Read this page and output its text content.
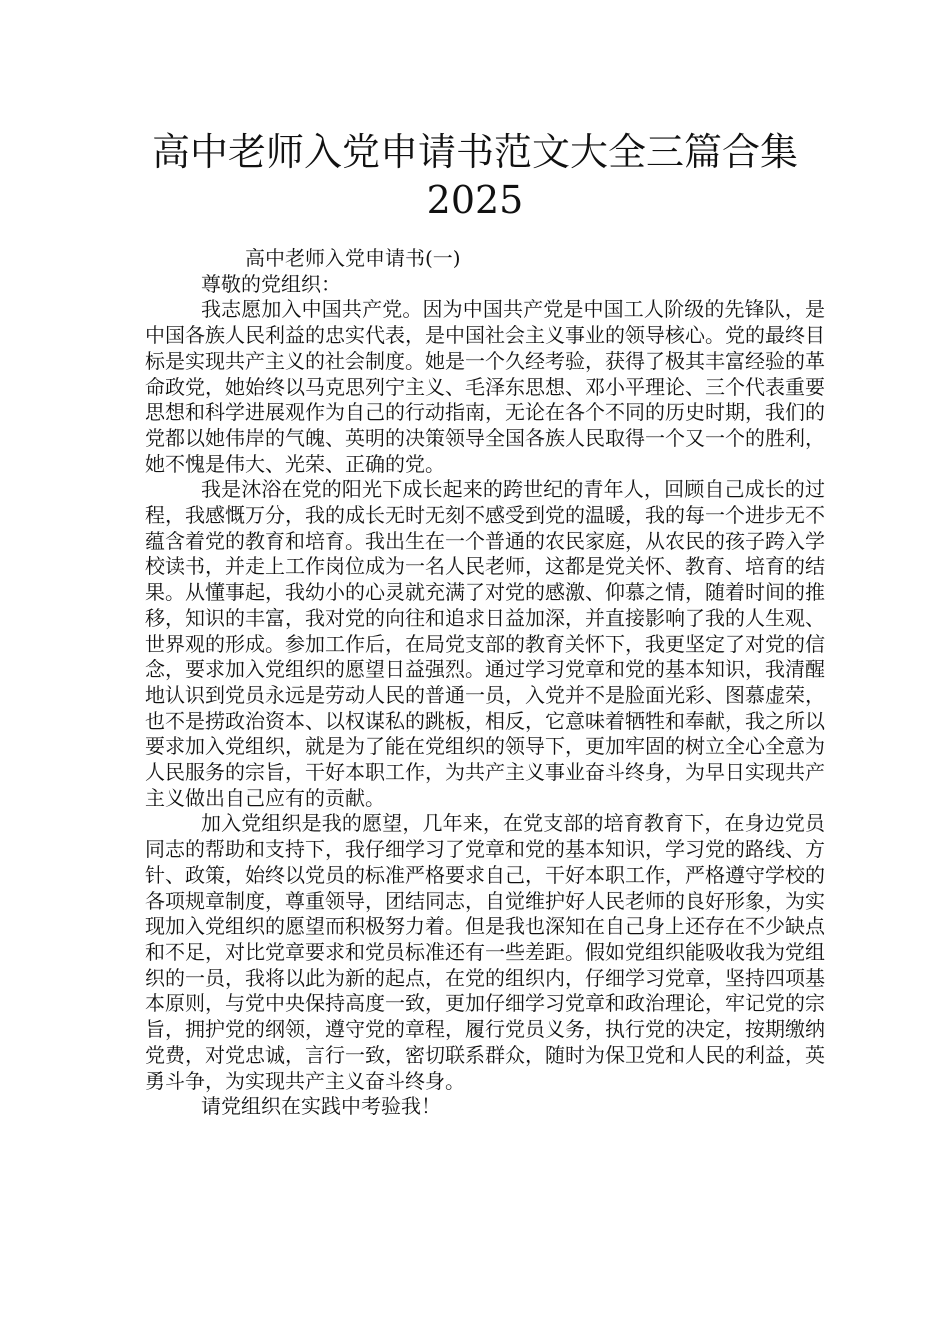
高中老师入党申请书范文大全三篇合集
2025

高中老师入党申请书(一)

尊敬的党组织：

我志愿加入中国共产党。因为中国共产党是中国工人阶级的先锋队，是中国各族人民利益的忠实代表，是中国社会主义事业的领导核心。党的最终目标是实现共产主义的社会制度。她是一个久经考验，获得了极其丰富经验的革命政党，她始终以马克思列宁主义、毛泽东思想、邓小平理论、三个代表重要思想和科学进展观作为自己的行动指南，无论在各个不同的历史时期，我们的党都以她伟岸的气魄、英明的决策领导全国各族人民取得一个又一个的胜利，她不愧是伟大、光荣、正确的党。

我是沐浴在党的阳光下成长起来的跨世纪的青年人，回顾自己成长的过程，我感慨万分，我的成长无时无刻不感受到党的温暖，我的每一个进步无不蕴含着党的教育和培育。我出生在一个普通的农民家庭，从农民的孩子跨入学校读书，并走上工作岗位成为一名人民老师，这都是党关怀、教育、培育的结果。从懂事起，我幼小的心灵就充满了对党的感激、仰慕之情，随着时间的推移，知识的丰富，我对党的向往和追求日益加深，并直接影响了我的人生观、世界观的形成。参加工作后，在局党支部的教育关怀下，我更坚定了对党的信念，要求加入党组织的愿望日益强烈。通过学习党章和党的基本知识，我清醒地认识到党员永远是劳动人民的普通一员，入党并不是脸面光彩、图慕虚荣，也不是捞政治资本、以权谋私的跳板，相反，它意味着牺牲和奉献，我之所以要求加入党组织，就是为了能在党组织的领导下，更加牢固的树立全心全意为人民服务的宗旨，干好本职工作，为共产主义事业奋斗终身，为早日实现共产主义做出自己应有的贡献。

加入党组织是我的愿望，几年来，在党支部的培育教育下，在身边党员同志的帮助和支持下，我仔细学习了党章和党的基本知识，学习党的路线、方针、政策，始终以党员的标准严格要求自己，干好本职工作，严格遵守学校的各项规章制度，尊重领导，团结同志，自觉维护好人民老师的良好形象，为实现加入党组织的愿望而积极努力着。但是我也深知在自己身上还存在不少缺点和不足，对比党章要求和党员标准还有一些差距。假如党组织能吸收我为党组织的一员，我将以此为新的起点，在党的组织内，仔细学习党章，坚持四项基本原则，与党中央保持高度一致，更加仔细学习党章和政治理论，牢记党的宗旨，拥护党的纲领，遵守党的章程，履行党员义务，执行党的决定，按期缴纳党费，对党忠诚，言行一致，密切联系群众，随时为保卫党和人民的利益，英勇斗争，为实现共产主义奋斗终身。

请党组织在实践中考验我！
